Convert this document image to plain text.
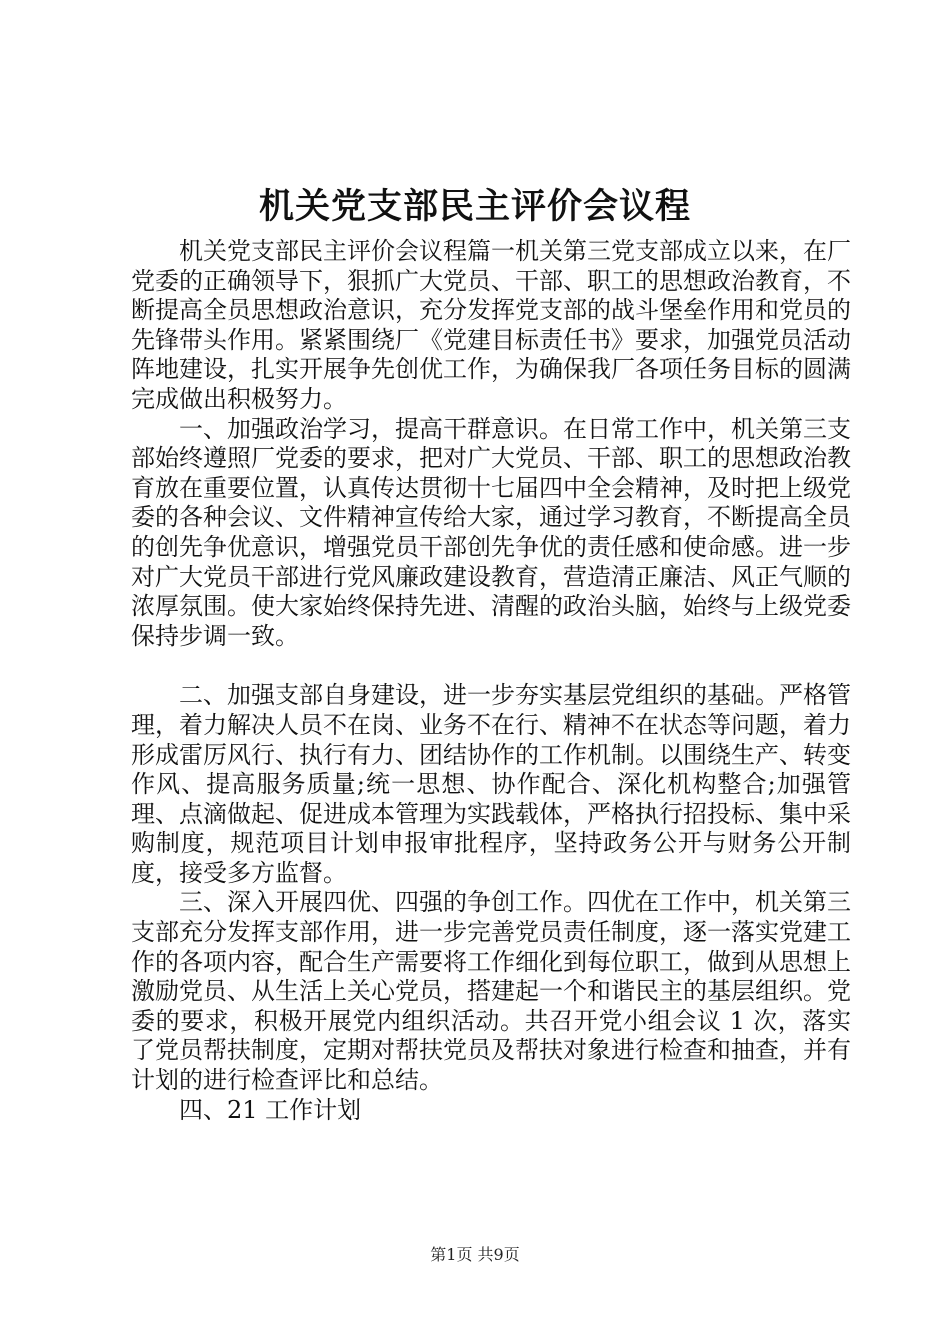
机关党支部民主评价会议程

机关党支部民主评价会议程篇一机关第三党支部成立以来，在厂党委的正确领导下，狠抓广大党员、干部、职工的思想政治教育，不断提高全员思想政治意识，充分发挥党支部的战斗堡垒作用和党员的先锋带头作用。紧紧围绕厂《党建目标责任书》要求，加强党员活动阵地建设，扎实开展争先创优工作，为确保我厂各项任务目标的圆满完成做出积极努力。

一、加强政治学习，提高干群意识。在日常工作中，机关第三支部始终遵照厂党委的要求，把对广大党员、干部、职工的思想政治教育放在重要位置，认真传达贯彻十七届四中全会精神，及时把上级党委的各种会议、文件精神宣传给大家，通过学习教育，不断提高全员的创先争优意识，增强党员干部创先争优的责任感和使命感。进一步对广大党员干部进行党风廉政建设教育，营造清正廉洁、风正气顺的浓厚氛围。使大家始终保持先进、清醒的政治头脑，始终与上级党委保持步调一致。

二、加强支部自身建设，进一步夯实基层党组织的基础。严格管理，着力解决人员不在岗、业务不在行、精神不在状态等问题，着力形成雷厉风行、执行有力、团结协作的工作机制。以围绕生产、转变作风、提高服务质量;统一思想、协作配合、深化机构整合;加强管理、点滴做起、促进成本管理为实践载体，严格执行招投标、集中采购制度，规范项目计划申报审批程序，坚持政务公开与财务公开制度，接受多方监督。

三、深入开展四优、四强的争创工作。四优在工作中，机关第三支部充分发挥支部作用，进一步完善党员责任制度，逐一落实党建工作的各项内容，配合生产需要将工作细化到每位职工，做到从思想上激励党员、从生活上关心党员，搭建起一个和谐民主的基层组织。党委的要求，积极开展党内组织活动。共召开党小组会议 1 次，落实了党员帮扶制度，定期对帮扶党员及帮扶对象进行检查和抽查，并有计划的进行检查评比和总结。

四、21 工作计划

第1页 共9页
